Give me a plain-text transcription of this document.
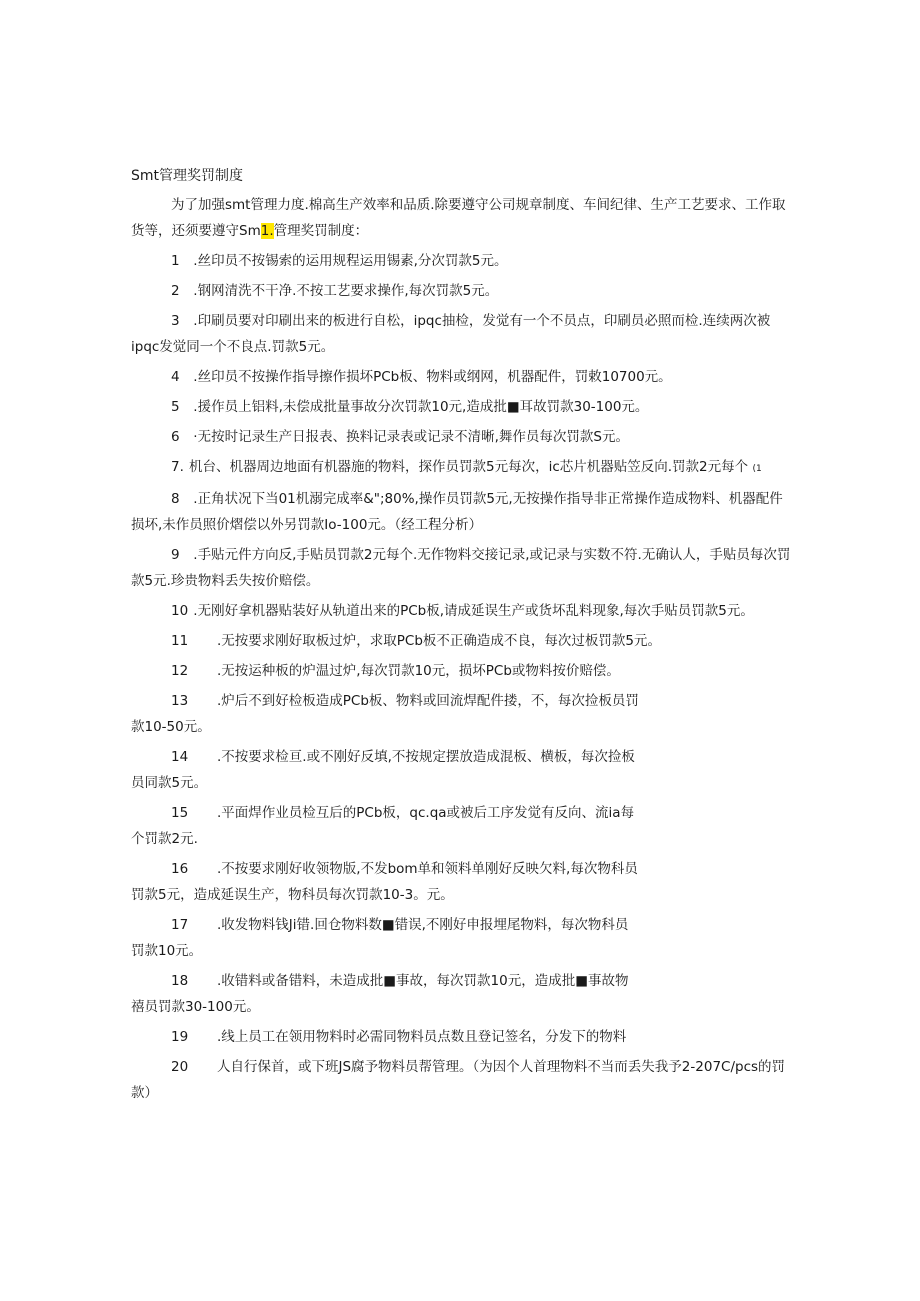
Smt管理奖罚制度

为了加强smt管理力度.棉高生产效率和品质.除要遵守公司规章制度、车间纪律、生产工艺要求、工作取货等，还须要遵守Sm1.管理奖罚制度：

1 .丝印员不按锡索的运用规程运用锡素,分次罚款5元。

2 .钢网清洗不干净.不按工艺要求操作,每次罚款5元。

3 .印刷员要对印刷出来的板进行自松，ipqc抽检，发觉有一个不员点，印刷员必照而检.连续两次被ipqc发觉同一个不良点.罚款5元。

4 .丝印员不按操作指导擦作损坏PCb板、物料或纲网，机器配件，罚敕10700元。

5 .援作员上铝料,未偿成批量事故分次罚款10元,造成批■耳故罚款30-100元。

6 ·无按时记录生产日报表、换料记录表或记录不清晰,舞作员每次罚款S元。

7. 机台、机器周边地面有机器施的物料，探作员罚款5元每次，ic芯片机器贴笠反向.罚款2元每个 (1

8 .正角状况下当01机溺完成率&";80%,操作员罚款5元,无按操作指导非正常操作造成物料、机器配件损坏,未作员照价熠偿以外另罚款Io-100元。（经工程分析）

9 .手贴元件方向反,手贴员罚款2元每个.无作物料交接记录,或记录与实数不符.无确认人，手贴员每次罚款5元.珍贵物料丢失按价赔偿。

10 .无刚好拿机器贴装好从轨道出来的PCb板,请成延误生产或货坏乱料现象,每次手贴员罚款5元。

11 .无按要求刚好取板过炉，求取PCb板不正确造成不良，每次过板罚款5元。

12 .无按运种板的炉温过炉,每次罚款10元，损坏PCb或物料按价赔偿。

13 .炉后不到好检板造成PCb板、物料或回流焊配件搂，不，每次捡板员罚款10-50元。

14 .不按要求检亘.或不刚好反填,不按规定摆放造成混板、横板，每次捡板员同款5元。

15 .平面焊作业员检互后的PCb板，qc.qa或被后工序发觉有反向、流ia每个罚款2元.

16 .不按要求刚好收领物版,不发bom单和领料单刚好反映欠料,每次物科员罚款5元，造成延误生产，物科员每次罚款10-3。元。

17 .收发物料钱Ji错.回仓物料数■错误,不刚好申报埋尾物料，每次物科员罚款10元。

18 .收错料或备错料，未造成批■事故，每次罚款10元，造成批■事故物禧员罚款30-100元。

19 .线上员工在领用物料时必需同物料员点数且登记签名，分发下的物料

20 人自行保首，或下班JS腐予物料员帮管理。（为因个人首理物料不当而丢失我予2-207C∕pcs的罚款）
